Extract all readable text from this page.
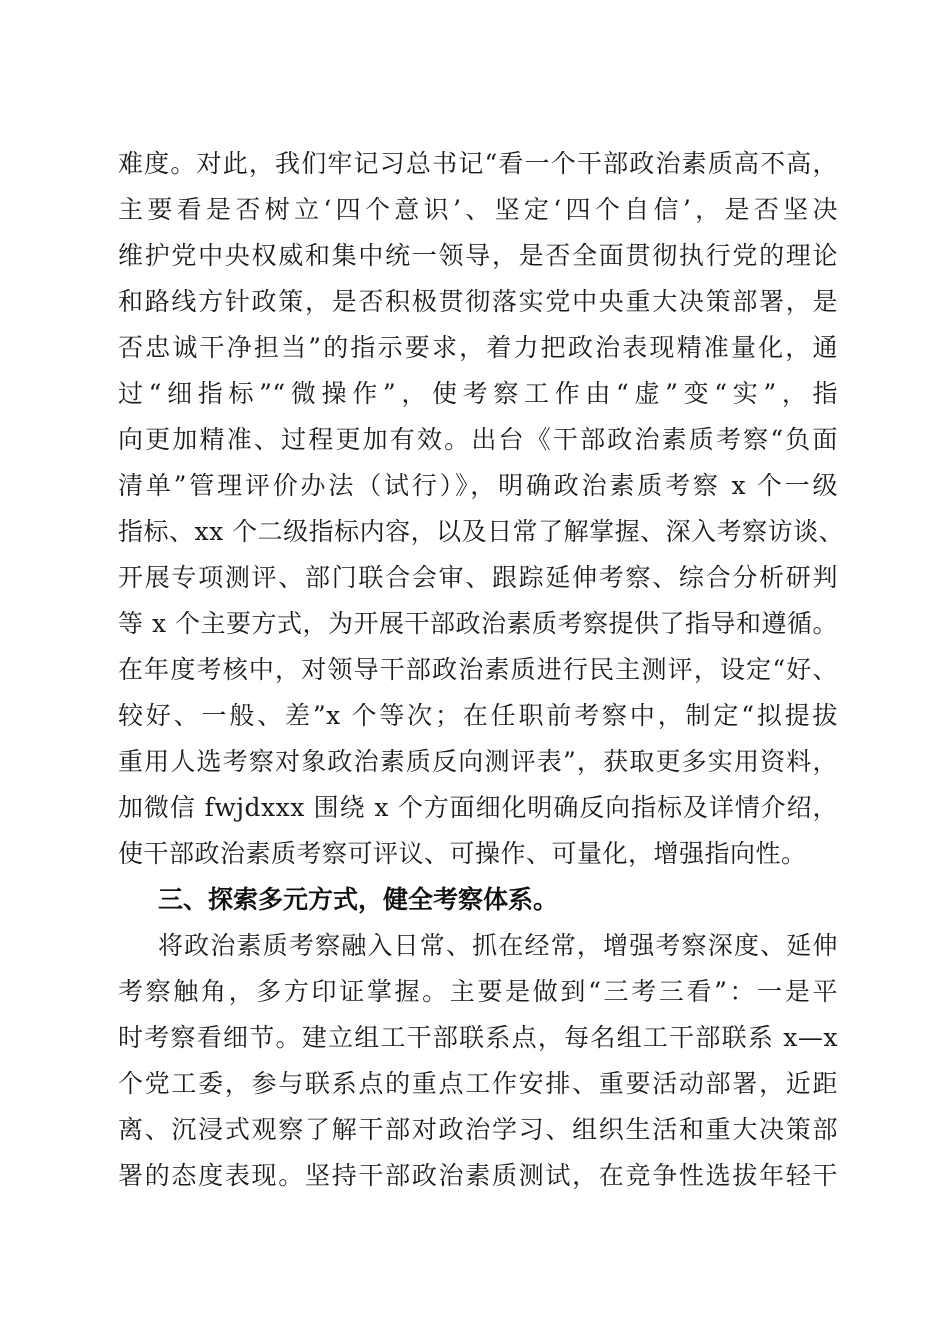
难度。对此，我们牢记习总书记“看一个干部政治素质高不高，
主要看是否树立‘四个意识’、坚定‘四个自信’，是否坚决
维护党中央权威和集中统一领导，是否全面贯彻执行党的理论
和路线方针政策，是否积极贯彻落实党中央重大决策部署，是
否忠诚干净担当”的指示要求，着力把政治表现精准量化，通
过“细指标”“微操作”，使考察工作由“虚”变“实”，指
向更加精准、过程更加有效。出台《干部政治素质考察“负面
清单”管理评价办法（试行）》，明确政治素质考察 x 个一级
指标、xx 个二级指标内容，以及日常了解掌握、深入考察访谈、
开展专项测评、部门联合会审、跟踪延伸考察、综合分析研判
等 x 个主要方式，为开展干部政治素质考察提供了指导和遵循。
在年度考核中，对领导干部政治素质进行民主测评，设定“好、
较好、一般、差”x 个等次；在任职前考察中，制定“拟提拔
重用人选考察对象政治素质反向测评表”，获取更多实用资料，
加微信 fwjdxxx 围绕 x 个方面细化明确反向指标及详情介绍，
使干部政治素质考察可评议、可操作、可量化，增强指向性。
三、探索多元方式，健全考察体系。
将政治素质考察融入日常、抓在经常，增强考察深度、延伸
考察触角，多方印证掌握。主要是做到“三考三看”：一是平
时考察看细节。建立组工干部联系点，每名组工干部联系 x—x
个党工委，参与联系点的重点工作安排、重要活动部署，近距
离、沉浸式观察了解干部对政治学习、组织生活和重大决策部
署的态度表现。坚持干部政治素质测试，在竞争性选拔年轻干
